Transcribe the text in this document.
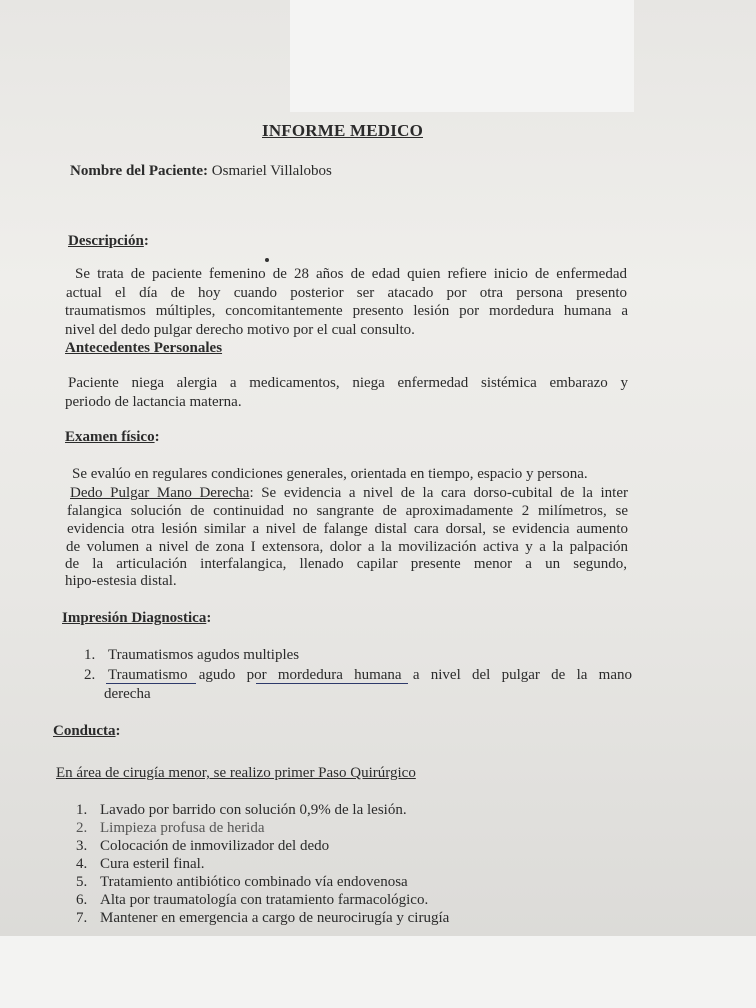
INFORME MEDICO
Nombre del Paciente: Osmariel Villalobos
Descripción:
Se trata de paciente femenino de 28 años de edad quien refiere inicio de enfermedad
actual el día de hoy cuando posterior ser atacado por otra persona presento
traumatismos múltiples, concomitantemente presento lesión por mordedura humana a
nivel del dedo pulgar derecho motivo por el cual consulto.
Antecedentes Personales
Paciente niega alergia a medicamentos, niega enfermedad sistémica embarazo y
periodo de lactancia materna.
Examen físico:
Se evalúo en regulares condiciones generales, orientada en tiempo, espacio y persona.
Dedo Pulgar Mano Derecha: Se evidencia a nivel de la cara dorso-cubital de la inter
falangica solución de continuidad no sangrante de aproximadamente 2 milímetros, se
evidencia otra lesión similar a nivel de falange distal cara dorsal, se evidencia aumento
de volumen a nivel de zona I extensora, dolor a la movilización activa y a la palpación
de la articulación interfalangica, llenado capilar presente menor a un segundo,
hipo-estesia distal.
Impresión Diagnostica:
1. Traumatismos agudos multiples
2. Traumatismo agudo por mordedura humana a nivel del pulgar de la mano
derecha
Conducta:
En área de cirugía menor, se realizo primer Paso Quirúrgico
1. Lavado por barrido con solución 0,9% de la lesión.
2. Limpieza profusa de herida
3. Colocación de inmovilizador del dedo
4. Cura esteril final.
5. Tratamiento antibiótico combinado vía endovenosa
6. Alta por traumatología con tratamiento farmacológico.
7. Mantener en emergencia a cargo de neurocirugía y cirugía
